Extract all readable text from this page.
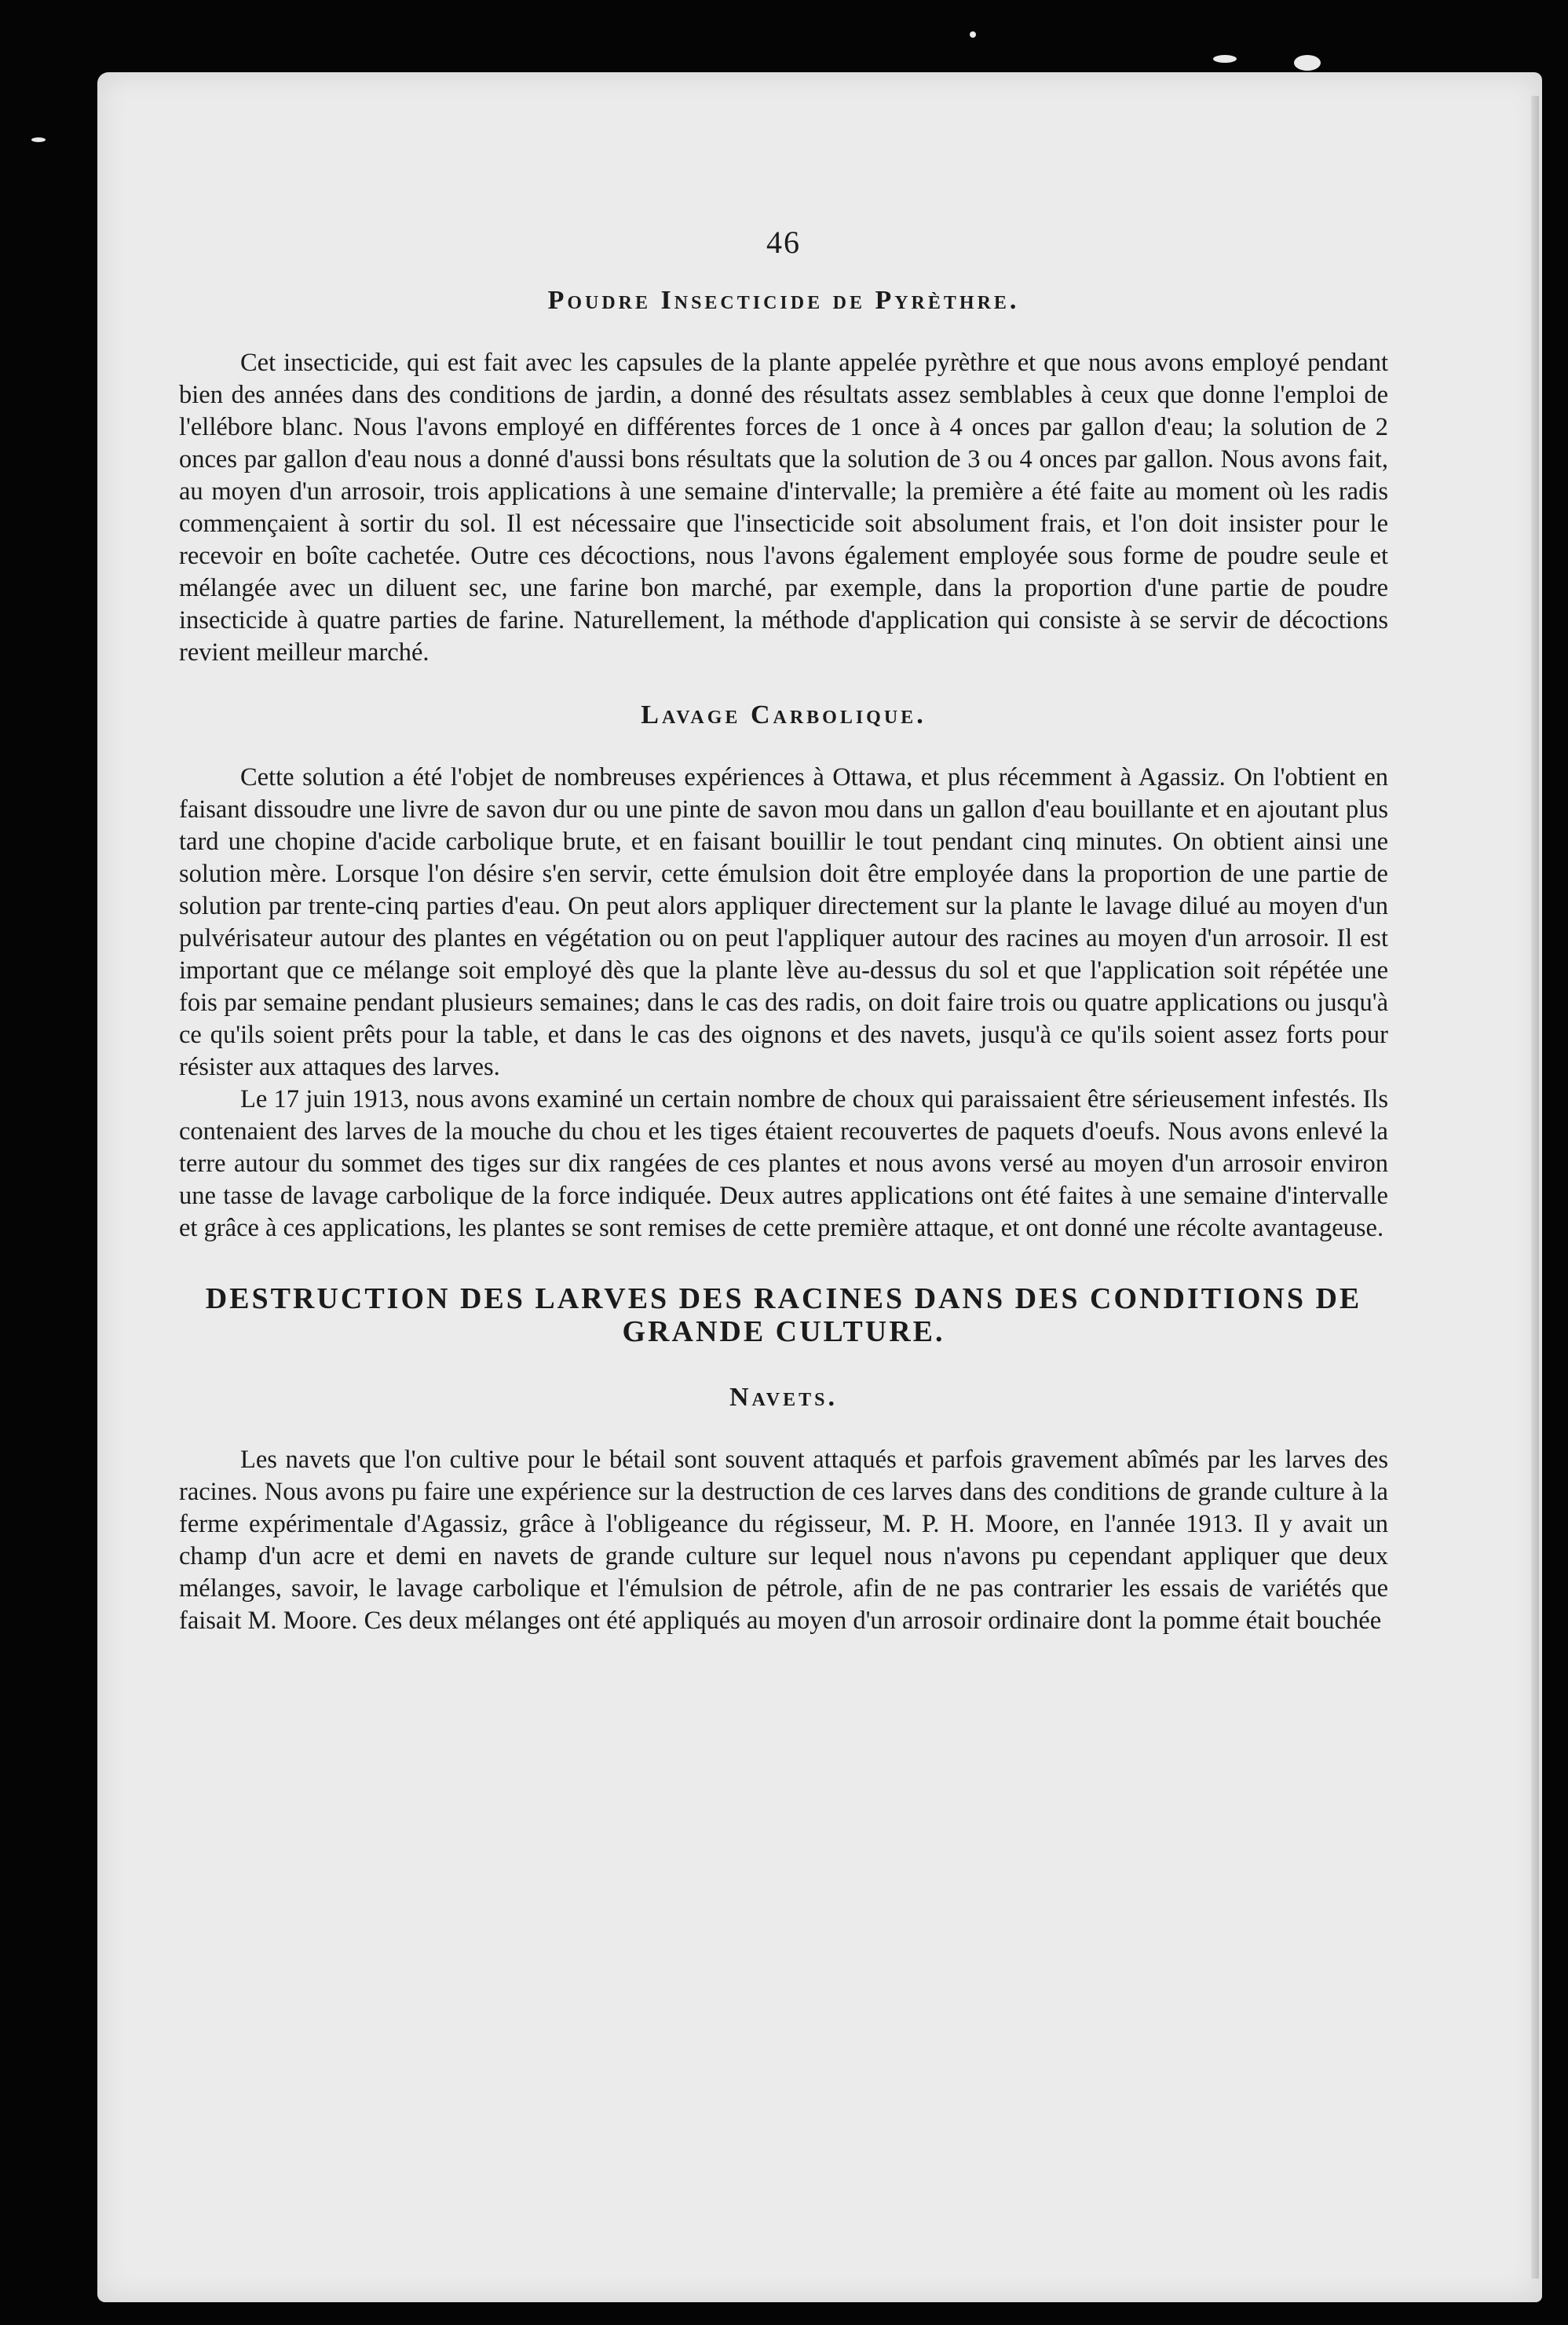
46
Poudre Insecticide de Pyrèthre.

Cet insecticide, qui est fait avec les capsules de la plante appelée pyrèthre et que nous avons employé pendant bien des années dans des conditions de jardin, a donné des résultats assez semblables à ceux que donne l'emploi de l'ellébore blanc. Nous l'avons employé en différentes forces de 1 once à 4 onces par gallon d'eau; la solution de 2 onces par gallon d'eau nous a donné d'aussi bons résultats que la solution de 3 ou 4 onces par gallon. Nous avons fait, au moyen d'un arrosoir, trois applications à une semaine d'intervalle; la première a été faite au moment où les radis commençaient à sortir du sol. Il est nécessaire que l'insecticide soit absolument frais, et l'on doit insister pour le recevoir en boîte cachetée. Outre ces décoctions, nous l'avons également employée sous forme de poudre seule et mélangée avec un diluent sec, une farine bon marché, par exemple, dans la proportion d'une partie de poudre insecticide à quatre parties de farine. Naturellement, la méthode d'application qui consiste à se servir de décoctions revient meilleur marché.

Lavage Carbolique.

Cette solution a été l'objet de nombreuses expériences à Ottawa, et plus récemment à Agassiz. On l'obtient en faisant dissoudre une livre de savon dur ou une pinte de savon mou dans un gallon d'eau bouillante et en ajoutant plus tard une chopine d'acide carbolique brute, et en faisant bouillir le tout pendant cinq minutes. On obtient ainsi une solution mère. Lorsque l'on désire s'en servir, cette émulsion doit être employée dans la proportion de une partie de solution par trente-cinq parties d'eau. On peut alors appliquer directement sur la plante le lavage dilué au moyen d'un pulvérisateur autour des plantes en végétation ou on peut l'appliquer autour des racines au moyen d'un arrosoir. Il est important que ce mélange soit employé dès que la plante lève au-dessus du sol et que l'application soit répétée une fois par semaine pendant plusieurs semaines; dans le cas des radis, on doit faire trois ou quatre applications ou jusqu'à ce qu'ils soient prêts pour la table, et dans le cas des oignons et des navets, jusqu'à ce qu'ils soient assez forts pour résister aux attaques des larves.

Le 17 juin 1913, nous avons examiné un certain nombre de choux qui paraissaient être sérieusement infestés. Ils contenaient des larves de la mouche du chou et les tiges étaient recouvertes de paquets d'oeufs. Nous avons enlevé la terre autour du sommet des tiges sur dix rangées de ces plantes et nous avons versé au moyen d'un arrosoir environ une tasse de lavage carbolique de la force indiquée. Deux autres applications ont été faites à une semaine d'intervalle et grâce à ces applications, les plantes se sont remises de cette première attaque, et ont donné une récolte avantageuse.

DESTRUCTION DES LARVES DES RACINES DANS DES CONDITIONS DE GRANDE CULTURE.
Navets.

Les navets que l'on cultive pour le bétail sont souvent attaqués et parfois gravement abîmés par les larves des racines. Nous avons pu faire une expérience sur la destruction de ces larves dans des conditions de grande culture à la ferme expérimentale d'Agassiz, grâce à l'obligeance du régisseur, M. P. H. Moore, en l'année 1913. Il y avait un champ d'un acre et demi en navets de grande culture sur lequel nous n'avons pu cependant appliquer que deux mélanges, savoir, le lavage carbolique et l'émulsion de pétrole, afin de ne pas contrarier les essais de variétés que faisait M. Moore. Ces deux mélanges ont été appliqués au moyen d'un arrosoir ordinaire dont la pomme était bouchée
